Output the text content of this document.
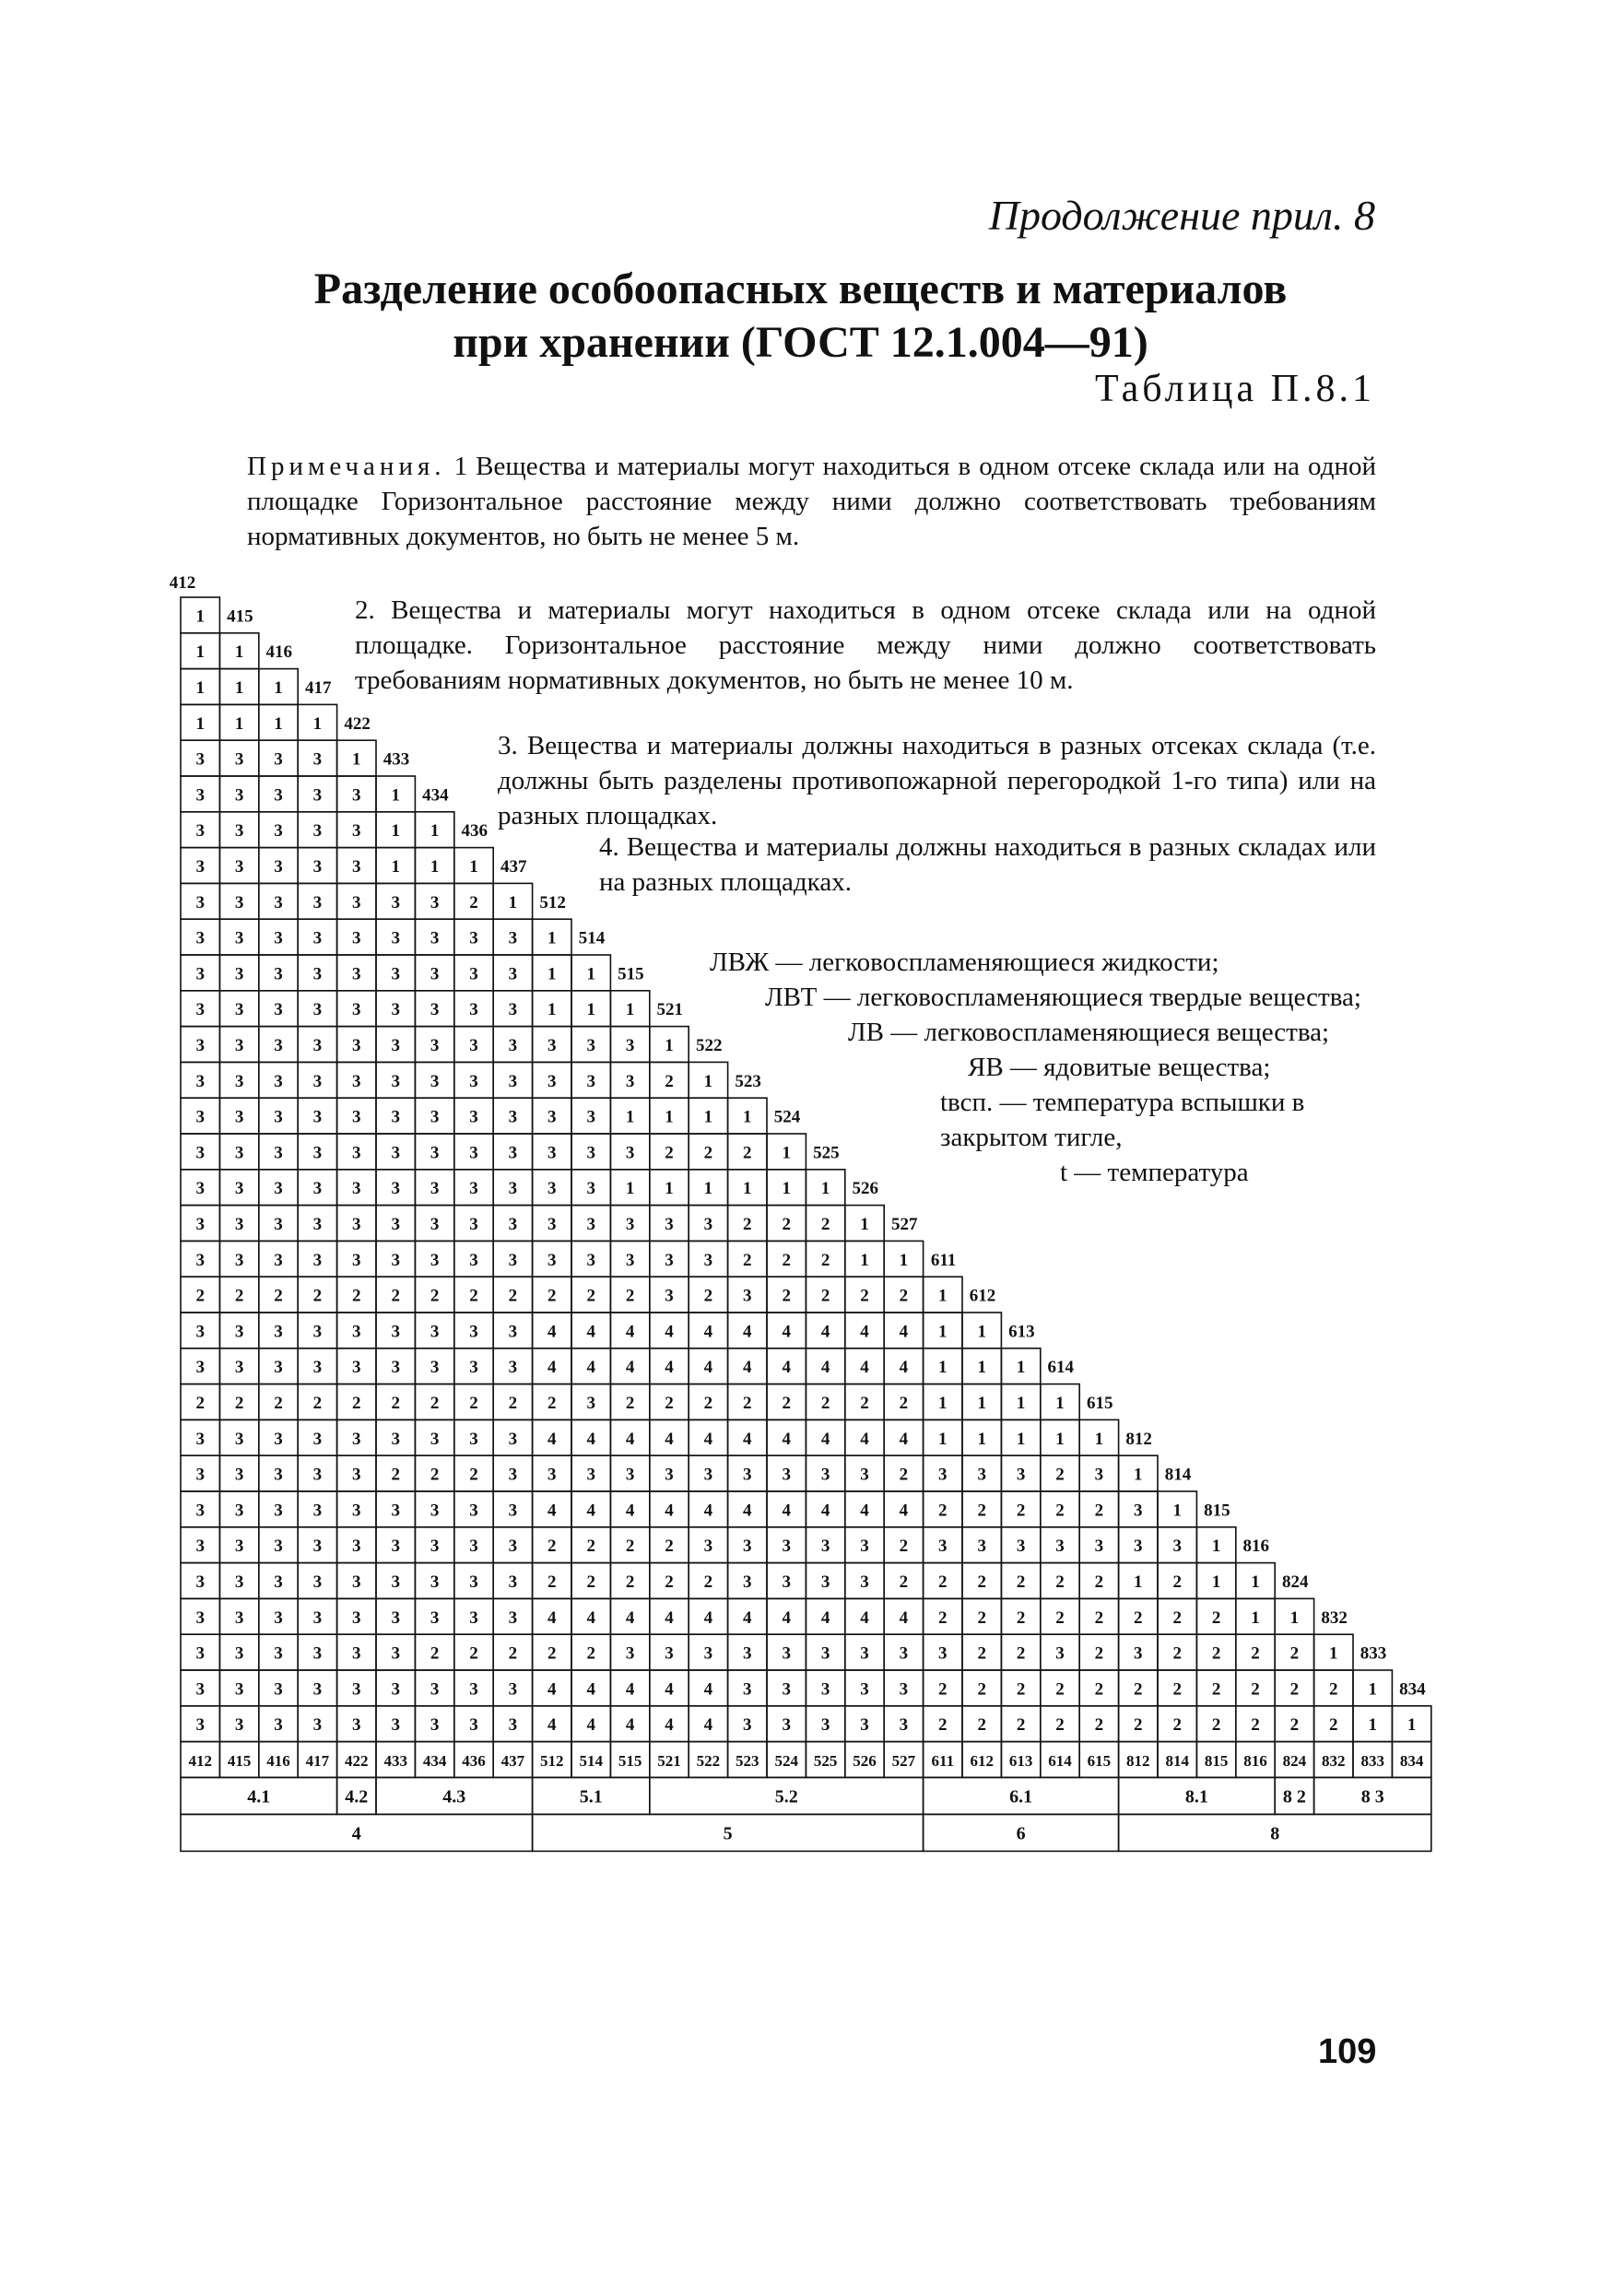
Продолжение прил. 8
Разделение особоопасных веществ и материалов
при хранении (ГОСТ 12.1.004—91)
Таблица П.8.1

Примечания. 1 Вещества и материалы могут находиться в одном отсеке склада или на одной площадке Горизонтальное расстояние между ними должно соответствовать требованиям нормативных документов, но быть не менее 5 м.

2. Вещества и материалы могут находиться в одном отсеке склада или на одной площадке. Горизонтальное расстояние между ними должно соответствовать требованиям нормативных документов, но быть не менее 10 м.

3. Вещества и материалы должны находиться в разных отсеках склада (т.е. должны быть разделены противопожарной перегородкой 1-го типа) или на разных площадках.

4. Вещества и материалы должны находиться в разных складах или на разных площадках.

ЛВЖ — легковоспламеняющиеся жидкости;

ЛВТ — легковоспламеняющиеся твердые вещества;

ЛВ — легковоспламеняющиеся вещества;

ЯВ — ядовитые вещества;

tвсп. — температура вспышки в закрытом тигле,

t — температура

412
1 415
1 1 416
1 1 1 417
1 1 1 1 422
3 3 3 3 1 433
3 3 3 3 3 1 434
3 3 3 3 3 1 1 436
3 3 3 3 3 1 1 1 437
3 3 3 3 3 3 3 2 1 512
3 3 3 3 3 3 3 3 3 1 514
3 3 3 3 3 3 3 3 3 1 1 515
3 3 3 3 3 3 3 3 3 1 1 1 521
3 3 3 3 3 3 3 3 3 3 3 3 1 522
3 3 3 3 3 3 3 3 3 3 3 3 2 1 523
3 3 3 3 3 3 3 3 3 3 3 1 1 1 1 524
3 3 3 3 3 3 3 3 3 3 3 3 2 2 2 1 525
3 3 3 3 3 3 3 3 3 3 3 1 1 1 1 1 1 526
3 3 3 3 3 3 3 3 3 3 3 3 3 3 2 2 2 1 527
3 3 3 3 3 3 3 3 3 3 3 3 3 3 2 2 2 1 1 611
2 2 2 2 2 2 2 2 2 2 2 2 3 2 3 2 2 2 2 1 612
3 3 3 3 3 3 3 3 3 4 4 4 4 4 4 4 4 4 4 1 1 613
3 3 3 3 3 3 3 3 3 4 4 4 4 4 4 4 4 4 4 1 1 1 614
2 2 2 2 2 2 2 2 2 2 3 2 2 2 2 2 2 2 2 1 1 1 1 615
3 3 3 3 3 3 3 3 3 4 4 4 4 4 4 4 4 4 4 1 1 1 1 1 812
3 3 3 3 3 2 2 2 3 3 3 3 3 3 3 3 3 3 2 3 3 3 2 3 1 814
3 3 3 3 3 3 3 3 3 4 4 4 4 4 4 4 4 4 4 2 2 2 2 2 3 1 815
3 3 3 3 3 3 3 3 3 2 2 2 2 3 3 3 3 3 2 3 3 3 3 3 3 3 1 816
3 3 3 3 3 3 3 3 3 2 2 2 2 2 3 3 3 3 2 2 2 2 2 2 1 2 1 1 824
3 3 3 3 3 3 3 3 3 4 4 4 4 4 4 4 4 4 4 2 2 2 2 2 2 2 2 1 1 832
3 3 3 3 3 3 2 2 2 2 2 3 3 3 3 3 3 3 3 3 2 2 3 2 3 2 2 2 2 1 833
3 3 3 3 3 3 3 3 3 4 4 4 4 4 3 3 3 3 3 2 2 2 2 2 2 2 2 2 2 2 1 834
3 3 3 3 3 3 3 3 3 4 4 4 4 4 3 3 3 3 3 2 2 2 2 2 2 2 2 2 2 2 1 1
412 415 416 417 422 433 434 436 437 512 514 515 521 522 523 524 525 526 527 611 612 613 614 615 812 814 815 816 824 832 833 834
4.1	4.2	4.3	5.1	5.2	6.1	8.1	8 2	8 3
4	5	6	8
109
